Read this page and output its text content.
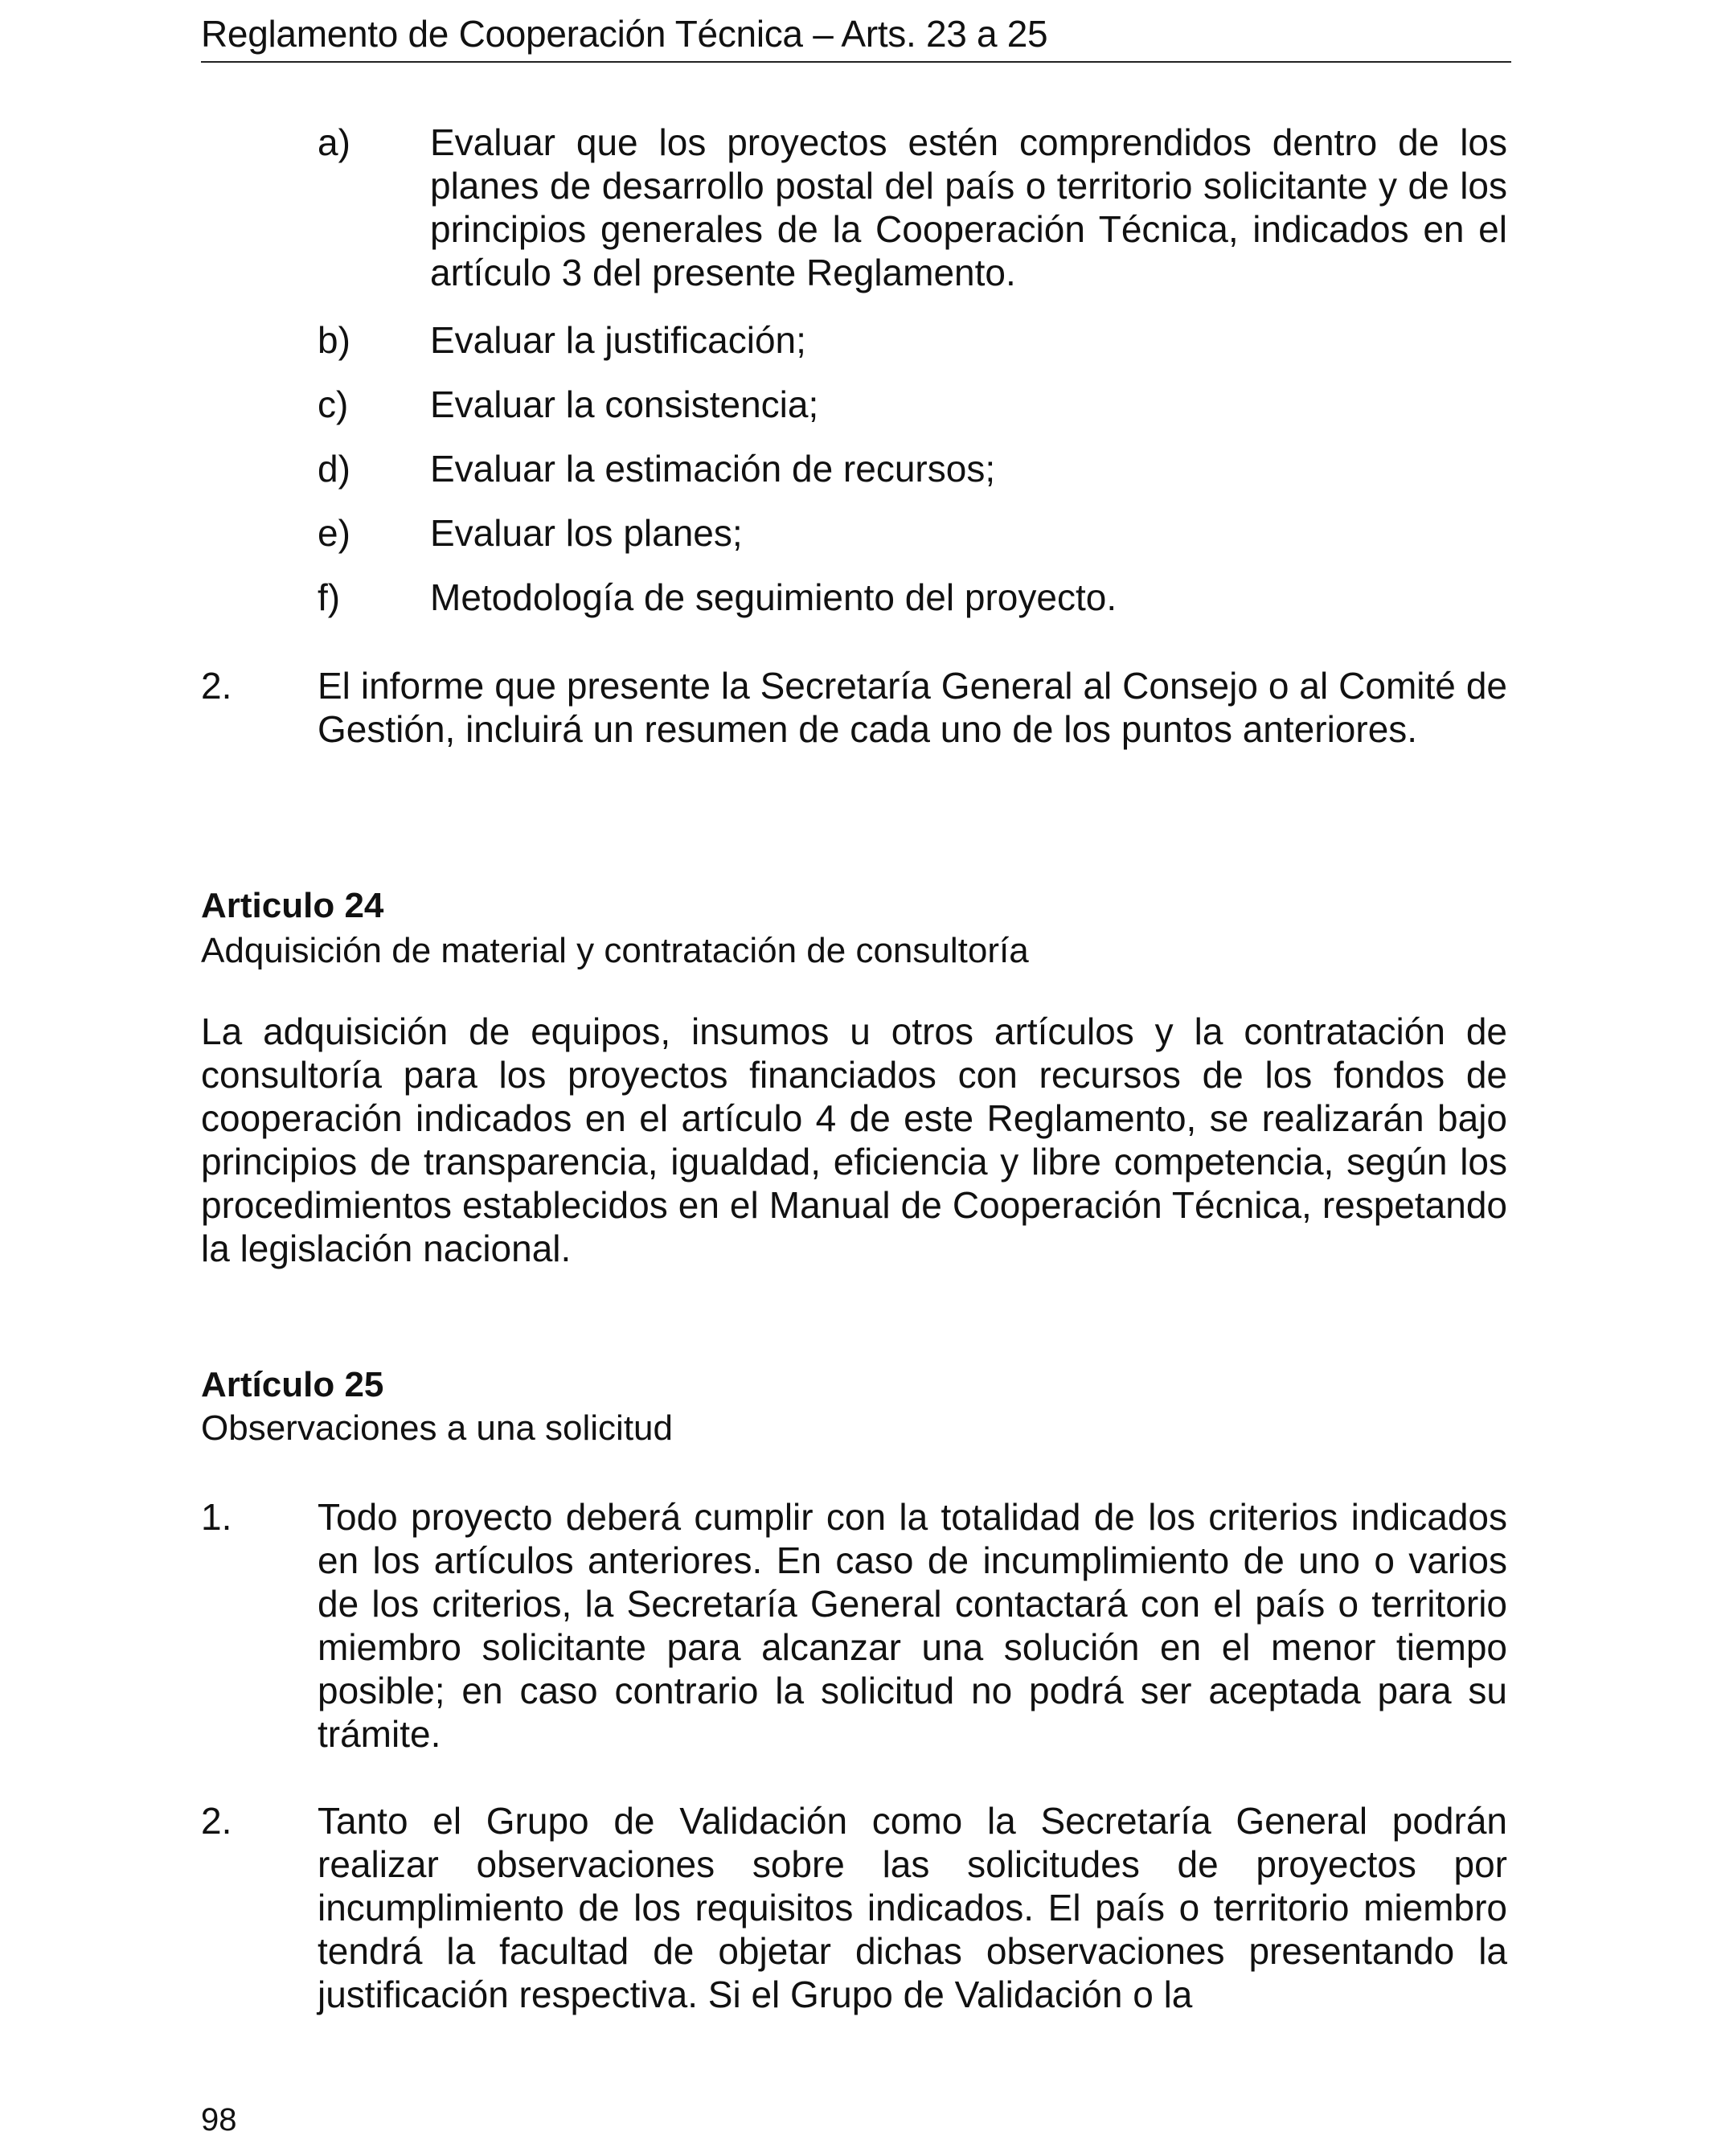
Reglamento de Cooperación Técnica – Arts. 23 a 25
a) Evaluar que los proyectos estén comprendidos dentro de los planes de desarrollo postal del país o territorio solicitante y de los principios generales de la Cooperación Técnica, indicados en el artículo 3 del presente Reglamento.
b) Evaluar la justificación;
c) Evaluar la consistencia;
d) Evaluar la estimación de recursos;
e) Evaluar los planes;
f) Metodología de seguimiento del proyecto.
2. El informe que presente la Secretaría General al Consejo o al Comité de Gestión, incluirá un resumen de cada uno de los puntos anteriores.
Articulo 24
Adquisición de material y contratación de consultoría
La adquisición de equipos, insumos u otros artículos y la contratación de consultoría para los proyectos financiados con recursos de los fondos de cooperación indicados en el artículo 4 de este Reglamento, se realizarán bajo principios de transparencia, igualdad, eficiencia y libre competencia, según los procedimientos establecidos en el Manual de Cooperación Técnica, respetando la legislación nacional.
Artículo 25
Observaciones a una solicitud
1. Todo proyecto deberá cumplir con la totalidad de los criterios indicados en los artículos anteriores. En caso de incumplimiento de uno o varios de los criterios, la Secretaría General contactará con el país o territorio miembro solicitante para alcanzar una solución en el menor tiempo posible; en caso contrario la solicitud no podrá ser aceptada para su trámite.
2. Tanto el Grupo de Validación como la Secretaría General podrán realizar observaciones sobre las solicitudes de proyectos por incumplimiento de los requisitos indicados. El país o territorio miembro tendrá la facultad de objetar dichas observaciones presentando la justificación respectiva. Si el Grupo de Validación o la
98
